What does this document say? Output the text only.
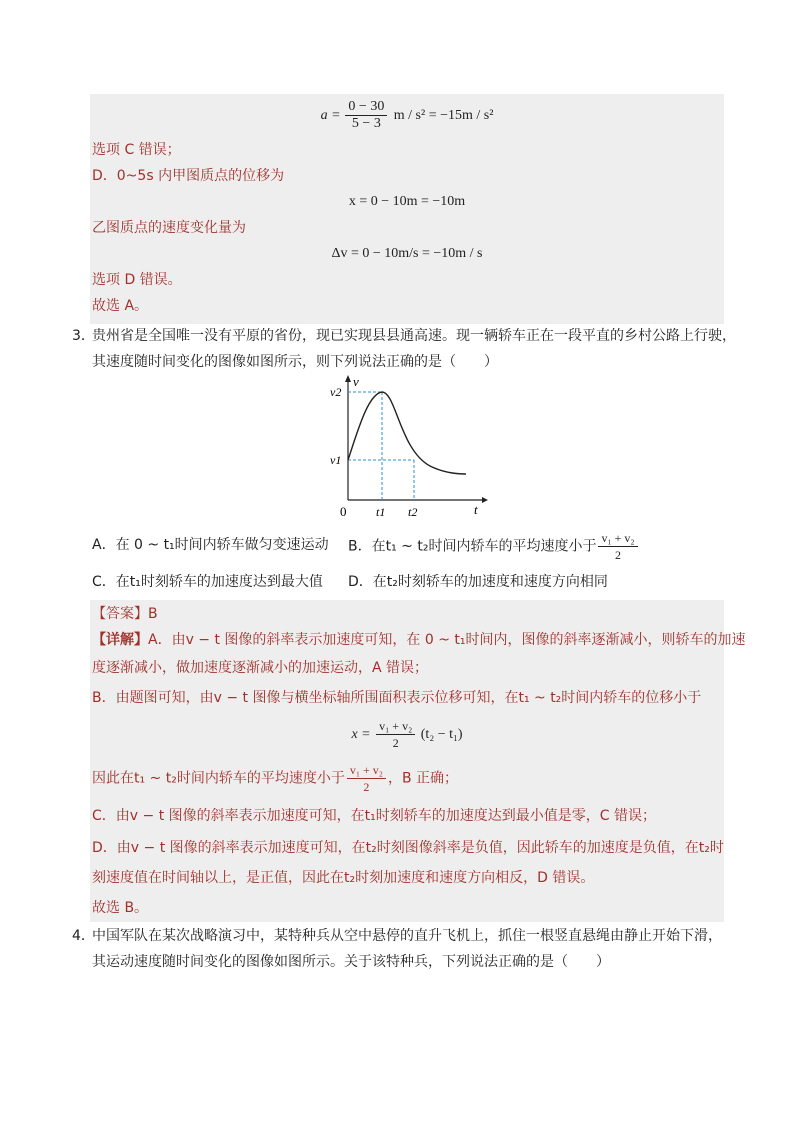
$a = \frac{0 - 30}{5 - 3}$ m / s² = −15m / s²
选项 C 错误；
D．0~5s 内甲图质点的位移为
x = 0 − 10m = −10m
乙图质点的速度变化量为
Δv = 0 − 10m/s = −10m / s
选项 D 错误。
故选 A。
3．
贵州省是全国唯一没有平原的省份，现已实现县县通高速。现一辆轿车正在一段平直的乡村公路上行驶，
其速度随时间变化的图像如图所示，则下列说法正确的是（　　）
v
t
0
v2
v1
t1 t2
A．在 0 ~ t₁时间内轿车做匀变速运动 B．在t₁ ~ t₂时间内轿车的平均速度小于 $\frac{\text{v₁ + v₂}}{2}$
C．在t₁时刻轿车的加速度达到最大值 D．在t₂时刻轿车的加速度和速度方向相同
【答案】B
【详解】A．由v − t 图像的斜率表示加速度可知，在 0 ~ t₁时间内，图像的斜率逐渐减小，则轿车的加速
度逐渐减小，做加速度逐渐减小的加速运动，A 错误；
B．由题图可知，由v − t 图像与横坐标轴所围面积表示位移可知，在t₁ ~ t₂时间内轿车的位移小于
$x = \frac{\text{v₁ + v₂}}{2} (t_2 - t_1)$
因此在t₁ ~ t₂时间内轿车的平均速度小于 $\frac{\text{v₁ + v₂}}{2}$ ，B 正确；
C．由v − t 图像的斜率表示加速度可知，在t₁时刻轿车的加速度达到最小值是零，C 错误；
D．由v − t 图像的斜率表示加速度可知，在t₂时刻图像斜率是负值，因此轿车的加速度是负值，在t₂时
刻速度值在时间轴以上，是正值，因此在t₂时刻加速度和速度方向相反，D 错误。
故选 B。
4．
中国军队在某次战略演习中，某特种兵从空中悬停的直升飞机上，抓住一根竖直悬绳由静止开始下滑，
其运动速度随时间变化的图像如图所示。关于该特种兵，下列说法正确的是（　　）
